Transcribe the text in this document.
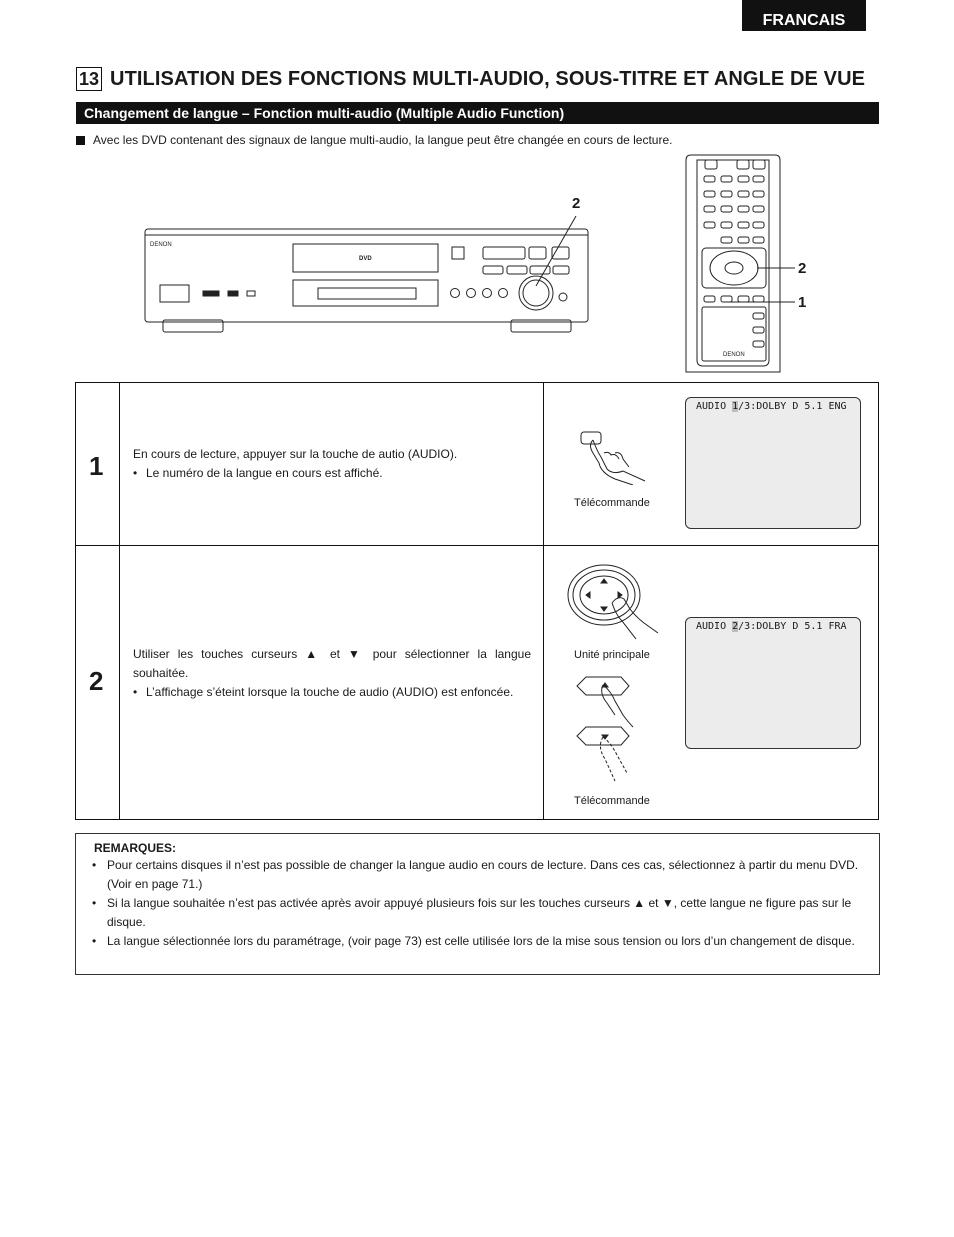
FRANCAIS
13 UTILISATION DES FONCTIONS MULTI-AUDIO, SOUS-TITRE ET ANGLE DE VUE
Changement de langue – Fonction multi-audio (Multiple Audio Function)
Avec les DVD contenant des signaux de langue multi-audio, la langue peut être changée en cours de lecture.
DENON
DVD
DENON
2
2
1
1 En cours de lecture, appuyer sur la touche de autio (AUDIO).

• Le numéro de la langue en cours est affiché.
Télécommande
AUDIO 1/3:DOLBY D 5.1 ENG
2

Utiliser les touches curseurs ▲ et ▼ pour sélectionner la langue souhaitée.

• L’affichage s’éteint lorsque la touche de audio (AUDIO) est enfoncée.
Unité principale
Télécommande
AUDIO 2/3:DOLBY D 5.1 FRA
REMARQUES:
• Pour certains disques il n’est pas possible de changer la langue audio en cours de lecture. Dans ces cas, sélectionnez à partir du menu DVD. (Voir en page 71.)
• Si la langue souhaitée n’est pas activée après avoir appuyé plusieurs fois sur les touches curseurs ▲ et ▼, cette langue ne figure pas sur le disque.
• La langue sélectionnée lors du paramétrage, (voir page 73) est celle utilisée lors de la mise sous tension ou lors d’un changement de disque.
